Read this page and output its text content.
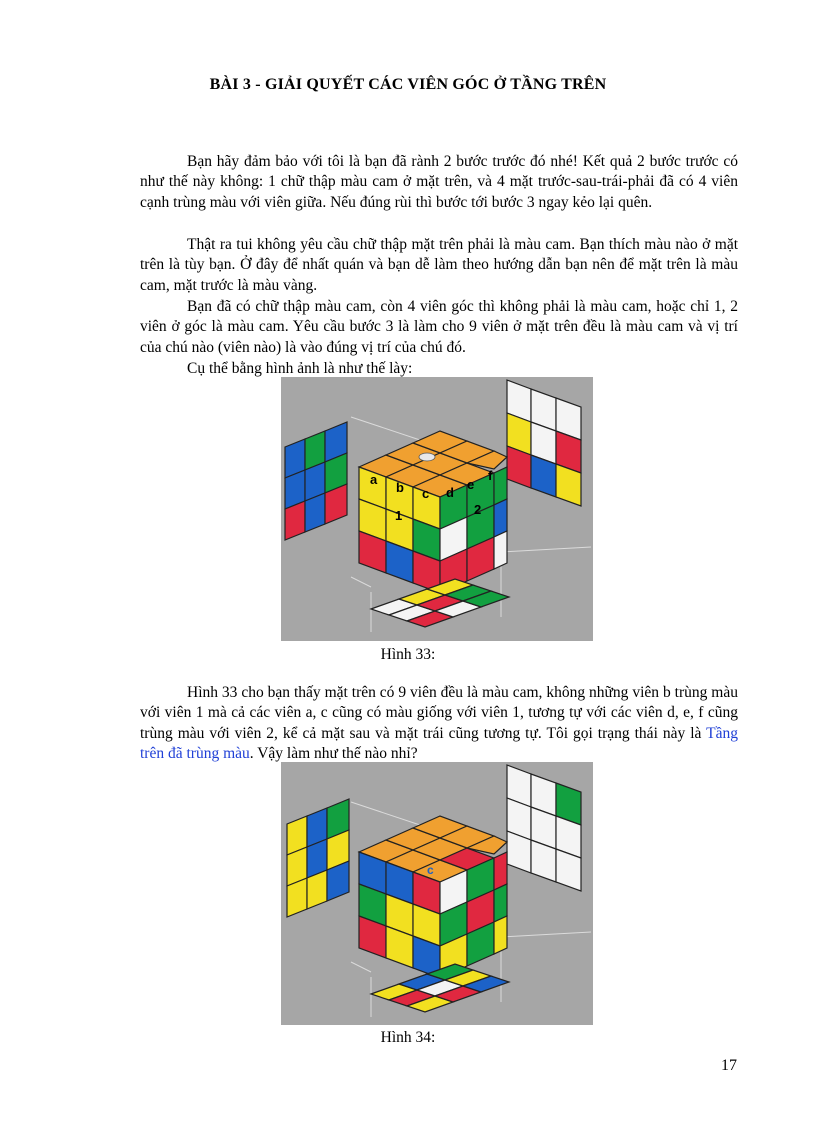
BÀI 3 - GIẢI QUYẾT CÁC VIÊN GÓC Ở TẦNG TRÊN

Bạn hãy đảm bảo với tôi là bạn đã rành 2 bước trước đó nhé! Kết quả 2 bước trước có như thế này không: 1 chữ thập màu cam ở mặt trên, và 4 mặt trước-sau-trái-phải đã có 4 viên cạnh trùng màu với viên giữa. Nếu đúng rùi thì bước tới bước 3 ngay kẻo lại quên.

Thật ra tui không yêu cầu chữ thập mặt trên phải là màu cam. Bạn thích màu nào ở mặt trên là tùy bạn. Ở đây để nhất quán và bạn dễ làm theo hướng dẫn bạn nên để mặt trên là màu cam, mặt trước là màu vàng.

Bạn đã có chữ thập màu cam, còn 4 viên góc thì không phải là màu cam, hoặc chỉ 1, 2 viên ở góc là màu cam. Yêu cầu bước 3 là làm cho 9 viên ở mặt trên đều là màu cam và vị trí của chú nào (viên nào) là vào đúng vị trí của chú đó.

Cụ thể bằng hình ảnh là như thế lày:

a
b c d
e
f
1	2
Hình 33:

Hình 33 cho bạn thấy mặt trên có 9 viên đều là màu cam, không những viên b trùng màu với viên 1 mà cả các viên a, c cũng có màu giống với viên 1, tương tự với các viên d, e, f cũng trùng màu với viên 2, kể cả mặt sau và mặt trái cũng tương tự. Tôi gọi trạng thái này là Tầng trên đã trùng màu. Vậy làm như thế nào nhỉ?

c
Hình 34:
17
